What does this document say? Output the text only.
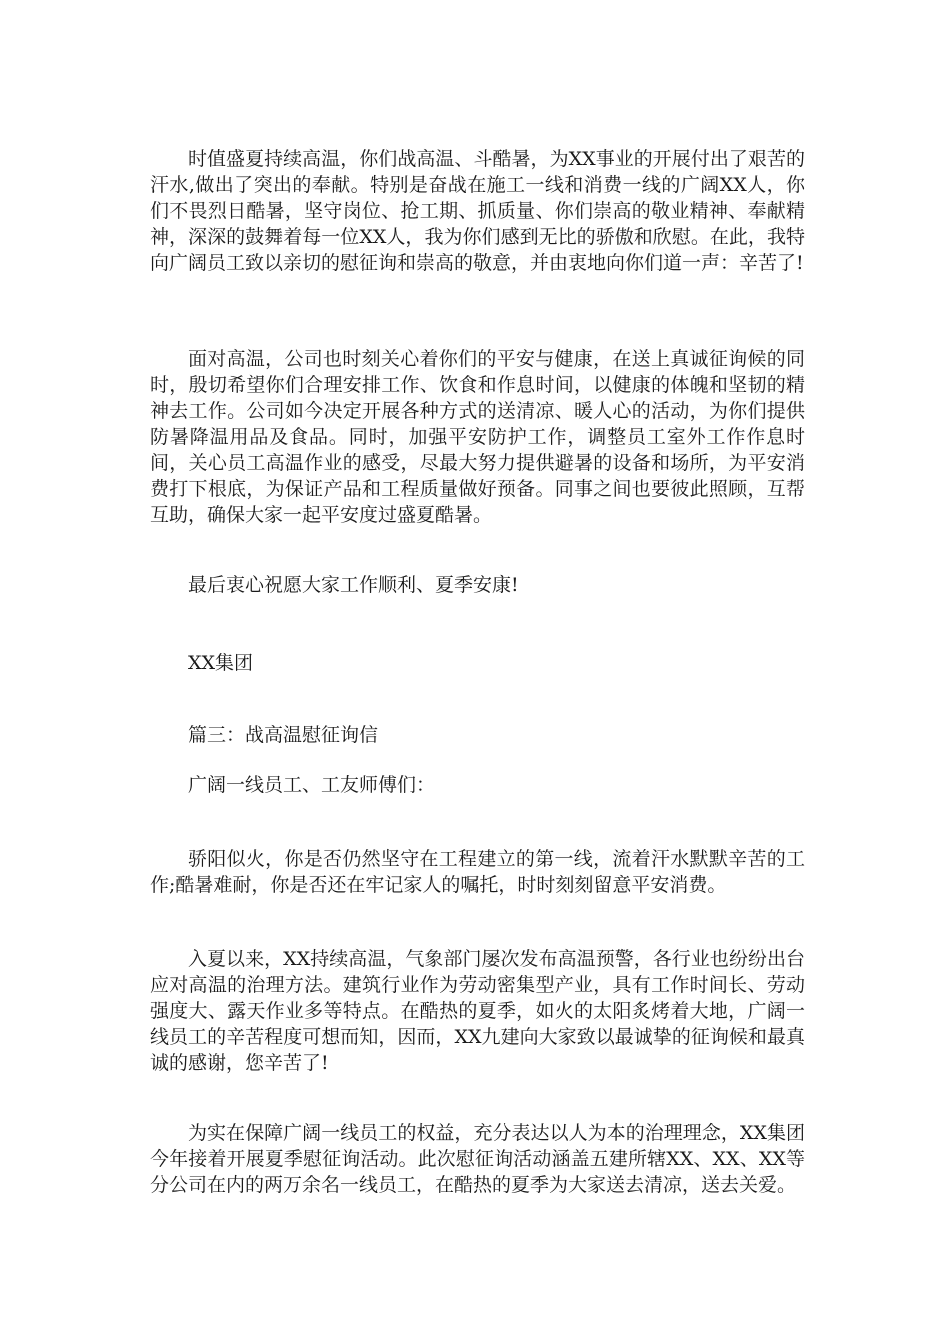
时值盛夏持续高温，你们战高温、斗酷暑，为XX事业的开展付出了艰苦的汗水,做出了突出的奉献。特别是奋战在施工一线和消费一线的广阔XX人，你们不畏烈日酷暑，坚守岗位、抢工期、抓质量、你们崇高的敬业精神、奉献精神，深深的鼓舞着每一位XX人，我为你们感到无比的骄傲和欣慰。在此，我特向广阔员工致以亲切的慰征询和崇高的敬意，并由衷地向你们道一声：辛苦了!

面对高温，公司也时刻关心着你们的平安与健康，在送上真诚征询候的同时，殷切希望你们合理安排工作、饮食和作息时间，以健康的体魄和坚韧的精神去工作。公司如今决定开展各种方式的送清凉、暖人心的活动，为你们提供防暑降温用品及食品。同时，加强平安防护工作，调整员工室外工作作息时间，关心员工高温作业的感受，尽最大努力提供避暑的设备和场所，为平安消费打下根底，为保证产品和工程质量做好预备。同事之间也要彼此照顾，互帮互助，确保大家一起平安度过盛夏酷暑。

最后衷心祝愿大家工作顺利、夏季安康!

XX集团

篇三：战高温慰征询信

广阔一线员工、工友师傅们：

骄阳似火，你是否仍然坚守在工程建立的第一线，流着汗水默默辛苦的工作;酷暑难耐，你是否还在牢记家人的嘱托，时时刻刻留意平安消费。

入夏以来，XX持续高温，气象部门屡次发布高温预警，各行业也纷纷出台应对高温的治理方法。建筑行业作为劳动密集型产业，具有工作时间长、劳动强度大、露天作业多等特点。在酷热的夏季，如火的太阳炙烤着大地，广阔一线员工的辛苦程度可想而知，因而，XX九建向大家致以最诚挚的征询候和最真诚的感谢，您辛苦了!

为实在保障广阔一线员工的权益，充分表达以人为本的治理理念，XX集团今年接着开展夏季慰征询活动。此次慰征询活动涵盖五建所辖XX、XX、XX等分公司在内的两万余名一线员工，在酷热的夏季为大家送去清凉，送去关爱。
